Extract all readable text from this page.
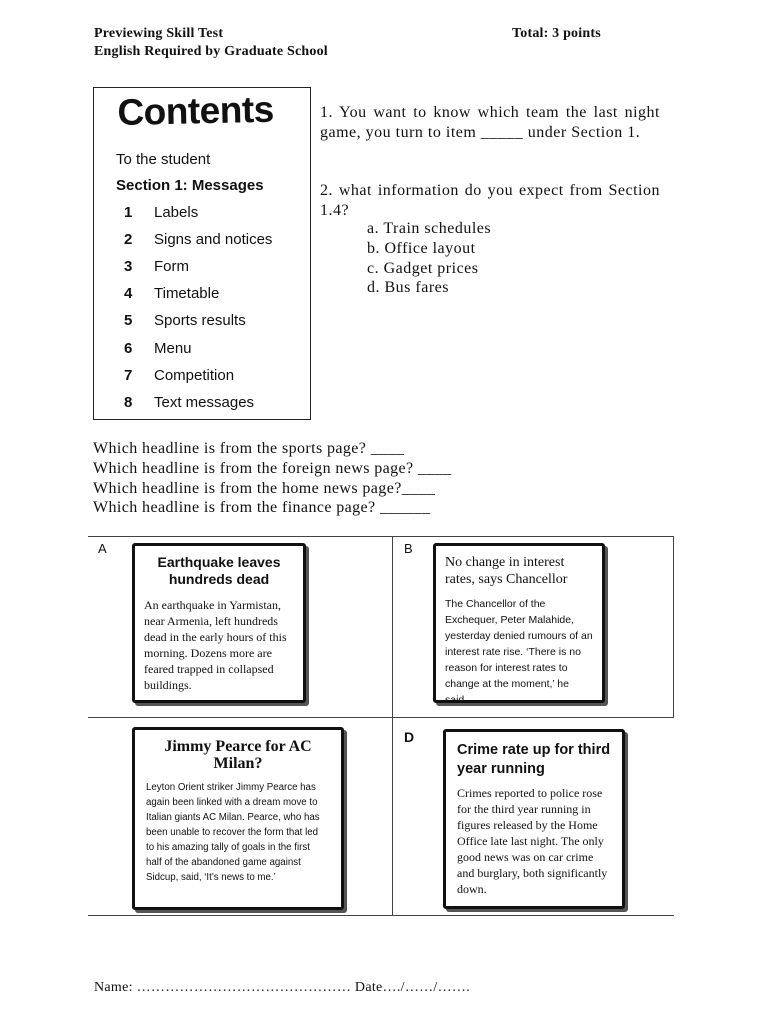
Previewing Skill Test
English Required by Graduate School
Total: 3 points
Contents
To the student
Section 1: Messages
1 Labels
2 Signs and notices
3 Form
4 Timetable
5 Sports results
6 Menu
7 Competition
8 Text messages
1. You want to know which team the last night game, you turn to item _____ under Section 1.
2. what information do you expect from Section 1.4?
a. Train schedules
b. Office layout
c. Gadget prices
d. Bus fares
Which headline is from the sports page? ____
Which headline is from the foreign news page? ____
Which headline is from the home news page?____
Which headline is from the finance page? ______
A
Earthquake leaves hundreds dead
An earthquake in Yarmistan, near Armenia, left hundreds dead in the early hours of this morning. Dozens more are feared trapped in collapsed buildings.
B
No change in interest rates, says Chancellor
The Chancellor of the Exchequer, Peter Malahide, yesterday denied rumours of an interest rate rise. ‘There is no reason for interest rates to change at the moment,’ he said.
Jimmy Pearce for AC Milan?
Leyton Orient striker Jimmy Pearce has again been linked with a dream move to Italian giants AC Milan. Pearce, who has been unable to recover the form that led to his amazing tally of goals in the first half of the abandoned game against Sidcup, said, ‘It’s news to me.’
D
Crime rate up for third year running
Crimes reported to police rose for the third year running in figures released by the Home Office late last night. The only good news was on car crime and burglary, both significantly down.
Name: ……………………………………… Date…./……/…….
